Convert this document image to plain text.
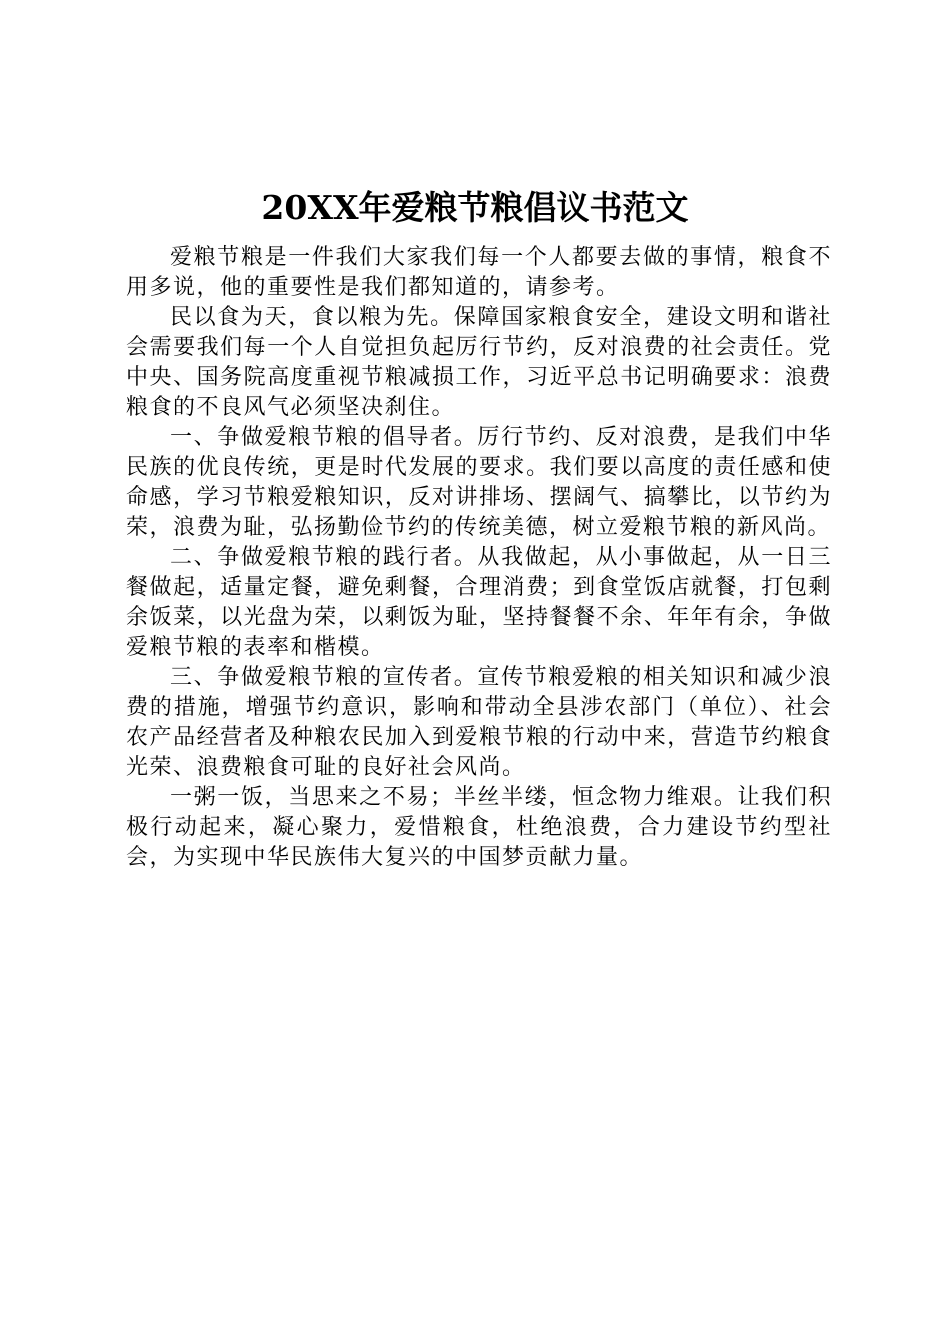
20XX年爱粮节粮倡议书范文

爱粮节粮是一件我们大家我们每一个人都要去做的事情，粮食不用多说，他的重要性是我们都知道的，请参考。

民以食为天，食以粮为先。保障国家粮食安全，建设文明和谐社会需要我们每一个人自觉担负起厉行节约，反对浪费的社会责任。党中央、国务院高度重视节粮减损工作，习近平总书记明确要求：浪费粮食的不良风气必须坚决刹住。

一、争做爱粮节粮的倡导者。厉行节约、反对浪费，是我们中华民族的优良传统，更是时代发展的要求。我们要以高度的责任感和使命感，学习节粮爱粮知识，反对讲排场、摆阔气、搞攀比，以节约为荣，浪费为耻，弘扬勤俭节约的传统美德，树立爱粮节粮的新风尚。

二、争做爱粮节粮的践行者。从我做起，从小事做起，从一日三餐做起，适量定餐，避免剩餐，合理消费；到食堂饭店就餐，打包剩余饭菜，以光盘为荣，以剩饭为耻，坚持餐餐不余、年年有余，争做爱粮节粮的表率和楷模。

三、争做爱粮节粮的宣传者。宣传节粮爱粮的相关知识和减少浪费的措施，增强节约意识，影响和带动全县涉农部门（单位）、社会农产品经营者及种粮农民加入到爱粮节粮的行动中来，营造节约粮食光荣、浪费粮食可耻的良好社会风尚。

一粥一饭，当思来之不易；半丝半缕，恒念物力维艰。让我们积极行动起来，凝心聚力，爱惜粮食，杜绝浪费，合力建设节约型社会，为实现中华民族伟大复兴的中国梦贡献力量。
